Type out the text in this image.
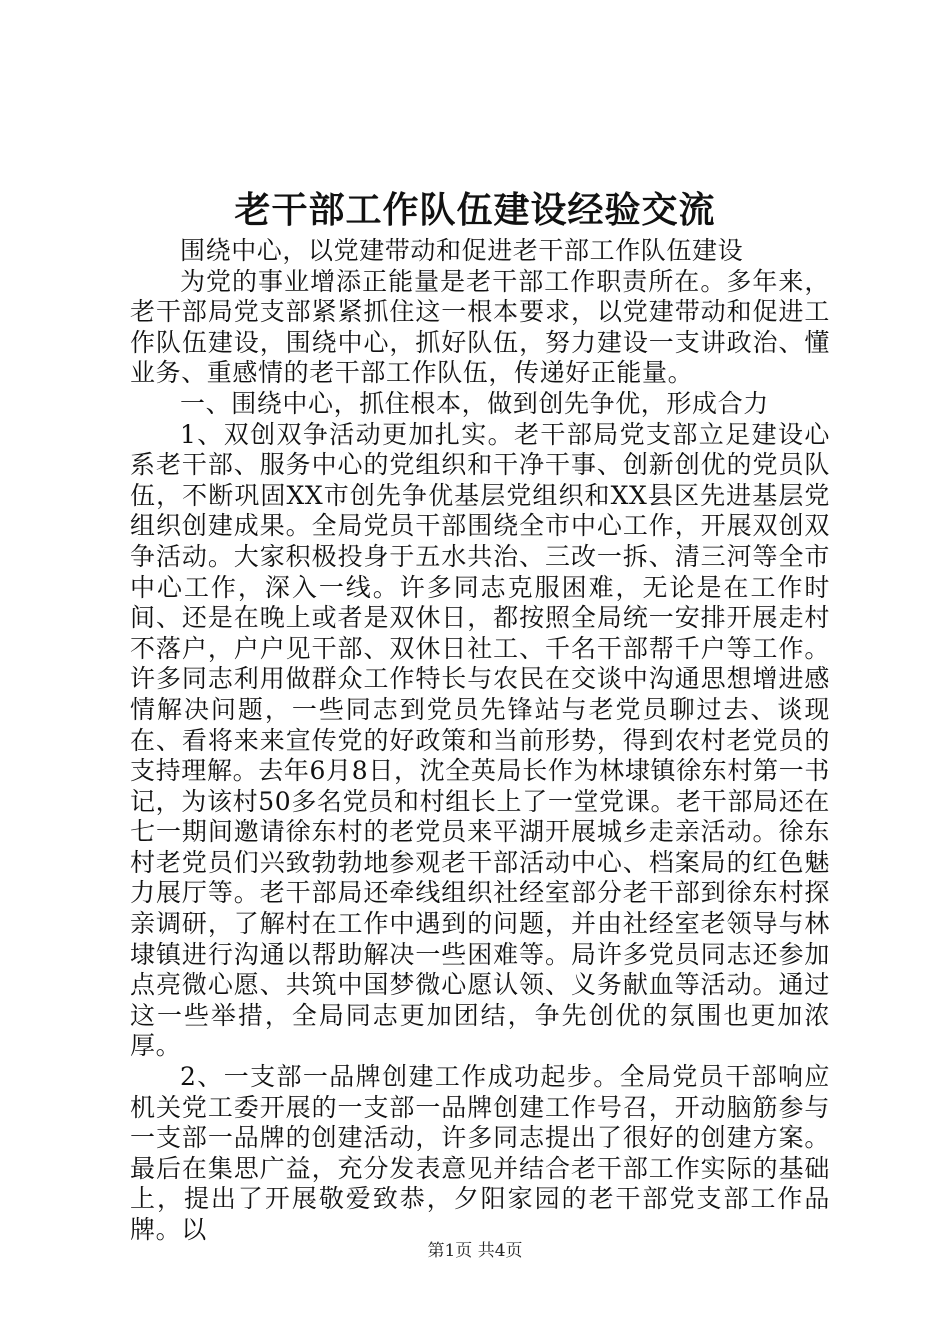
老干部工作队伍建设经验交流

围绕中心，以党建带动和促进老干部工作队伍建设

为党的事业增添正能量是老干部工作职责所在。多年来，老干部局党支部紧紧抓住这一根本要求，以党建带动和促进工作队伍建设，围绕中心，抓好队伍，努力建设一支讲政治、懂业务、重感情的老干部工作队伍，传递好正能量。

一、围绕中心，抓住根本，做到创先争优，形成合力

1、双创双争活动更加扎实。老干部局党支部立足建设心系老干部、服务中心的党组织和干净干事、创新创优的党员队伍，不断巩固XX市创先争优基层党组织和XX县区先进基层党组织创建成果。全局党员干部围绕全市中心工作，开展双创双争活动。大家积极投身于五水共治、三改一拆、清三河等全市中心工作，深入一线。许多同志克服困难，无论是在工作时间、还是在晚上或者是双休日，都按照全局统一安排开展走村不落户，户户见干部、双休日社工、千名干部帮千户等工作。许多同志利用做群众工作特长与农民在交谈中沟通思想增进感情解决问题，一些同志到党员先锋站与老党员聊过去、谈现在、看将来来宣传党的好政策和当前形势，得到农村老党员的支持理解。去年6月8日，沈全英局长作为林埭镇徐东村第一书记，为该村50多名党员和村组长上了一堂党课。老干部局还在七一期间邀请徐东村的老党员来平湖开展城乡走亲活动。徐东村老党员们兴致勃勃地参观老干部活动中心、档案局的红色魅力展厅等。老干部局还牵线组织社经室部分老干部到徐东村探亲调研，了解村在工作中遇到的问题，并由社经室老领导与林埭镇进行沟通以帮助解决一些困难等。局许多党员同志还参加点亮微心愿、共筑中国梦微心愿认领、义务献血等活动。通过这一些举措，全局同志更加团结，争先创优的氛围也更加浓厚。

2、一支部一品牌创建工作成功起步。全局党员干部响应机关党工委开展的一支部一品牌创建工作号召，开动脑筋参与一支部一品牌的创建活动，许多同志提出了很好的创建方案。最后在集思广益，充分发表意见并结合老干部工作实际的基础上，提出了开展敬爱致恭，夕阳家园的老干部党支部工作品牌。以

第1页 共4页
